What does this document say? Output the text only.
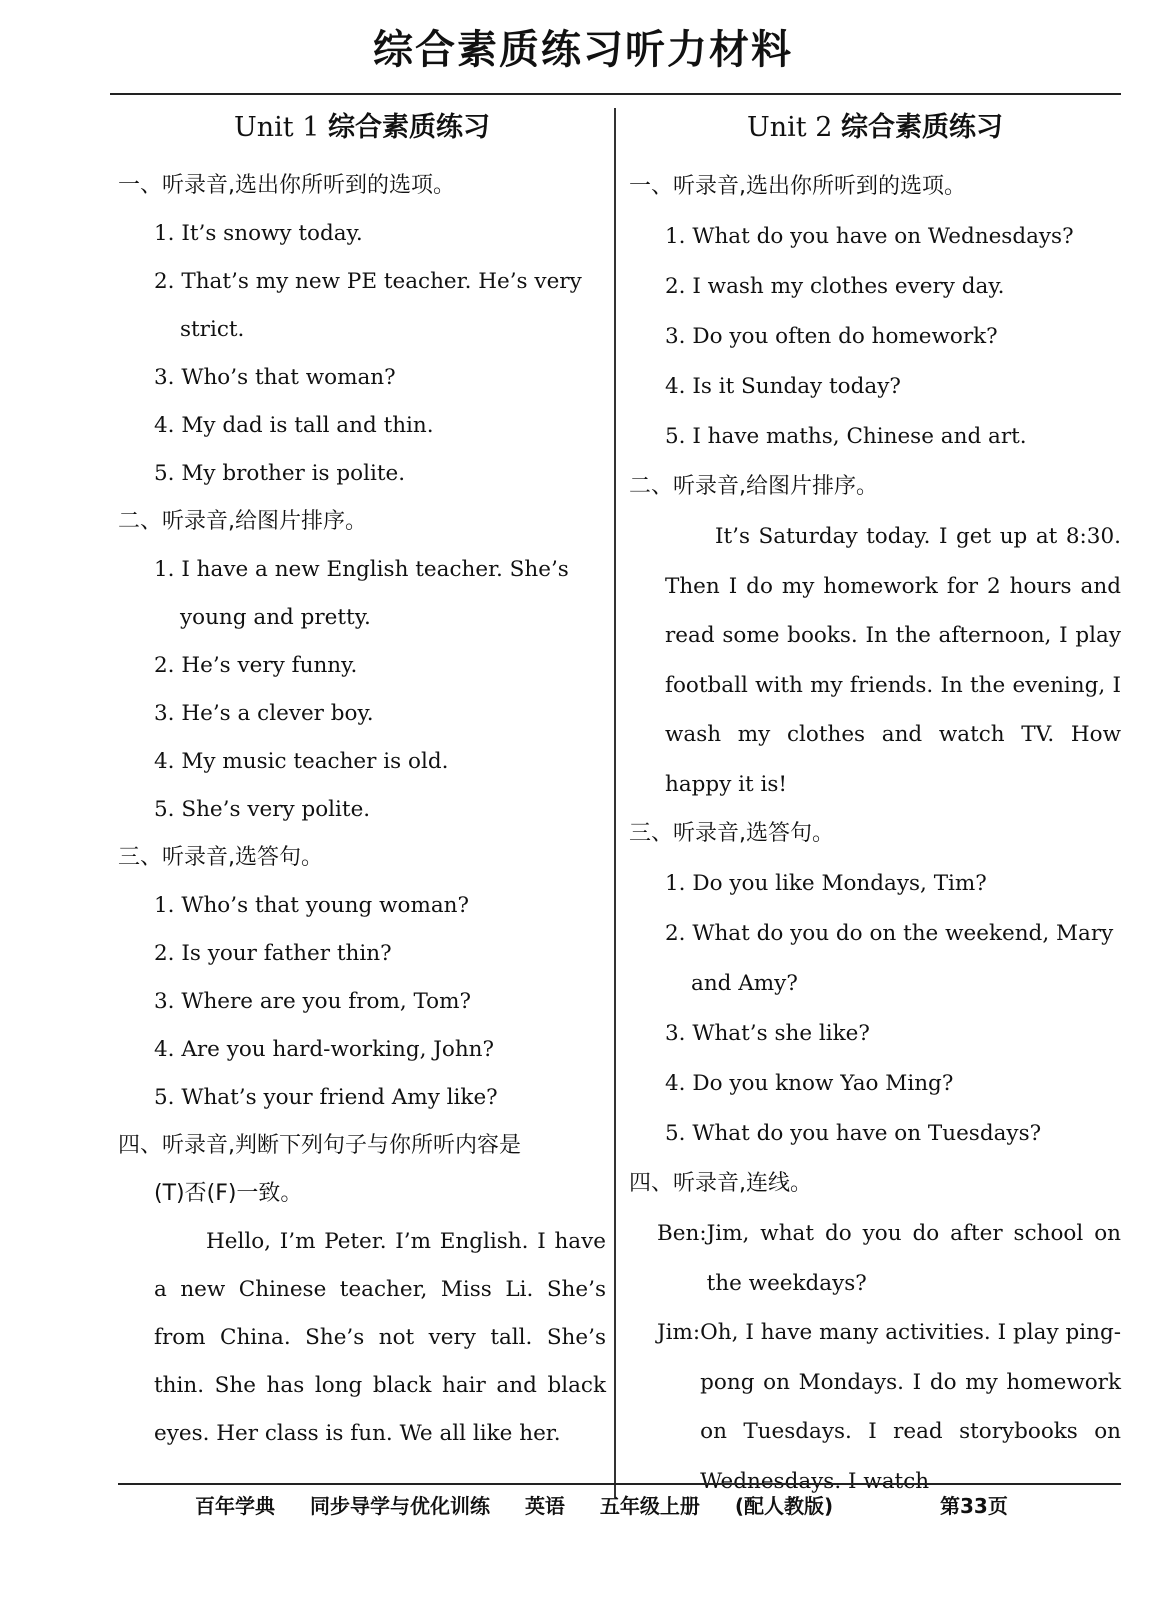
综合素质练习听力材料
Unit 1 综合素质练习
一、听录音,选出你所听到的选项。
1. It’s snowy today.
2. That’s my new PE teacher. He’s very
strict.
3. Who’s that woman?
4. My dad is tall and thin.
5. My brother is polite.
二、听录音,给图片排序。
1. I have a new English teacher. She’s
young and pretty.
2. He’s very funny.
3. He’s a clever boy.
4. My music teacher is old.
5. She’s very polite.
三、听录音,选答句。
1. Who’s that young woman?
2. Is your father thin?
3. Where are you from, Tom?
4. Are you hard-working, John?
5. What’s your friend Amy like?
四、听录音,判断下列句子与你所听内容是
(T)否(F)一致。
Hello, I’m Peter. I’m English. I have a new Chinese teacher, Miss Li. She’s from China. She’s not very tall. She’s thin. She has long black hair and black eyes. Her class is fun. We all like her.
Unit 2 综合素质练习
一、听录音,选出你所听到的选项。
1. What do you have on Wednesdays?
2. I wash my clothes every day.
3. Do you often do homework?
4. Is it Sunday today?
5. I have maths, Chinese and art.
二、听录音,给图片排序。
It’s Saturday today. I get up at 8:30. Then I do my homework for 2 hours and read some books. In the afternoon, I play football with my friends. In the evening, I wash my clothes and watch TV. How happy it is!
三、听录音,选答句。
1. Do you like Mondays, Tim?
2. What do you do on the weekend, Mary
and Amy?
3. What’s she like?
4. Do you know Yao Ming?
5. What do you have on Tuesdays?
四、听录音,连线。
Ben: Jim, what do you do after school on the weekdays?
Jim: Oh, I have many activities. I play ping-pong on Mondays. I do my homework on Tuesdays. I read storybooks on Wednesdays. I watch
百年学典 同步导学与优化训练 英语 五年级上册 (配人教版)	第33页
